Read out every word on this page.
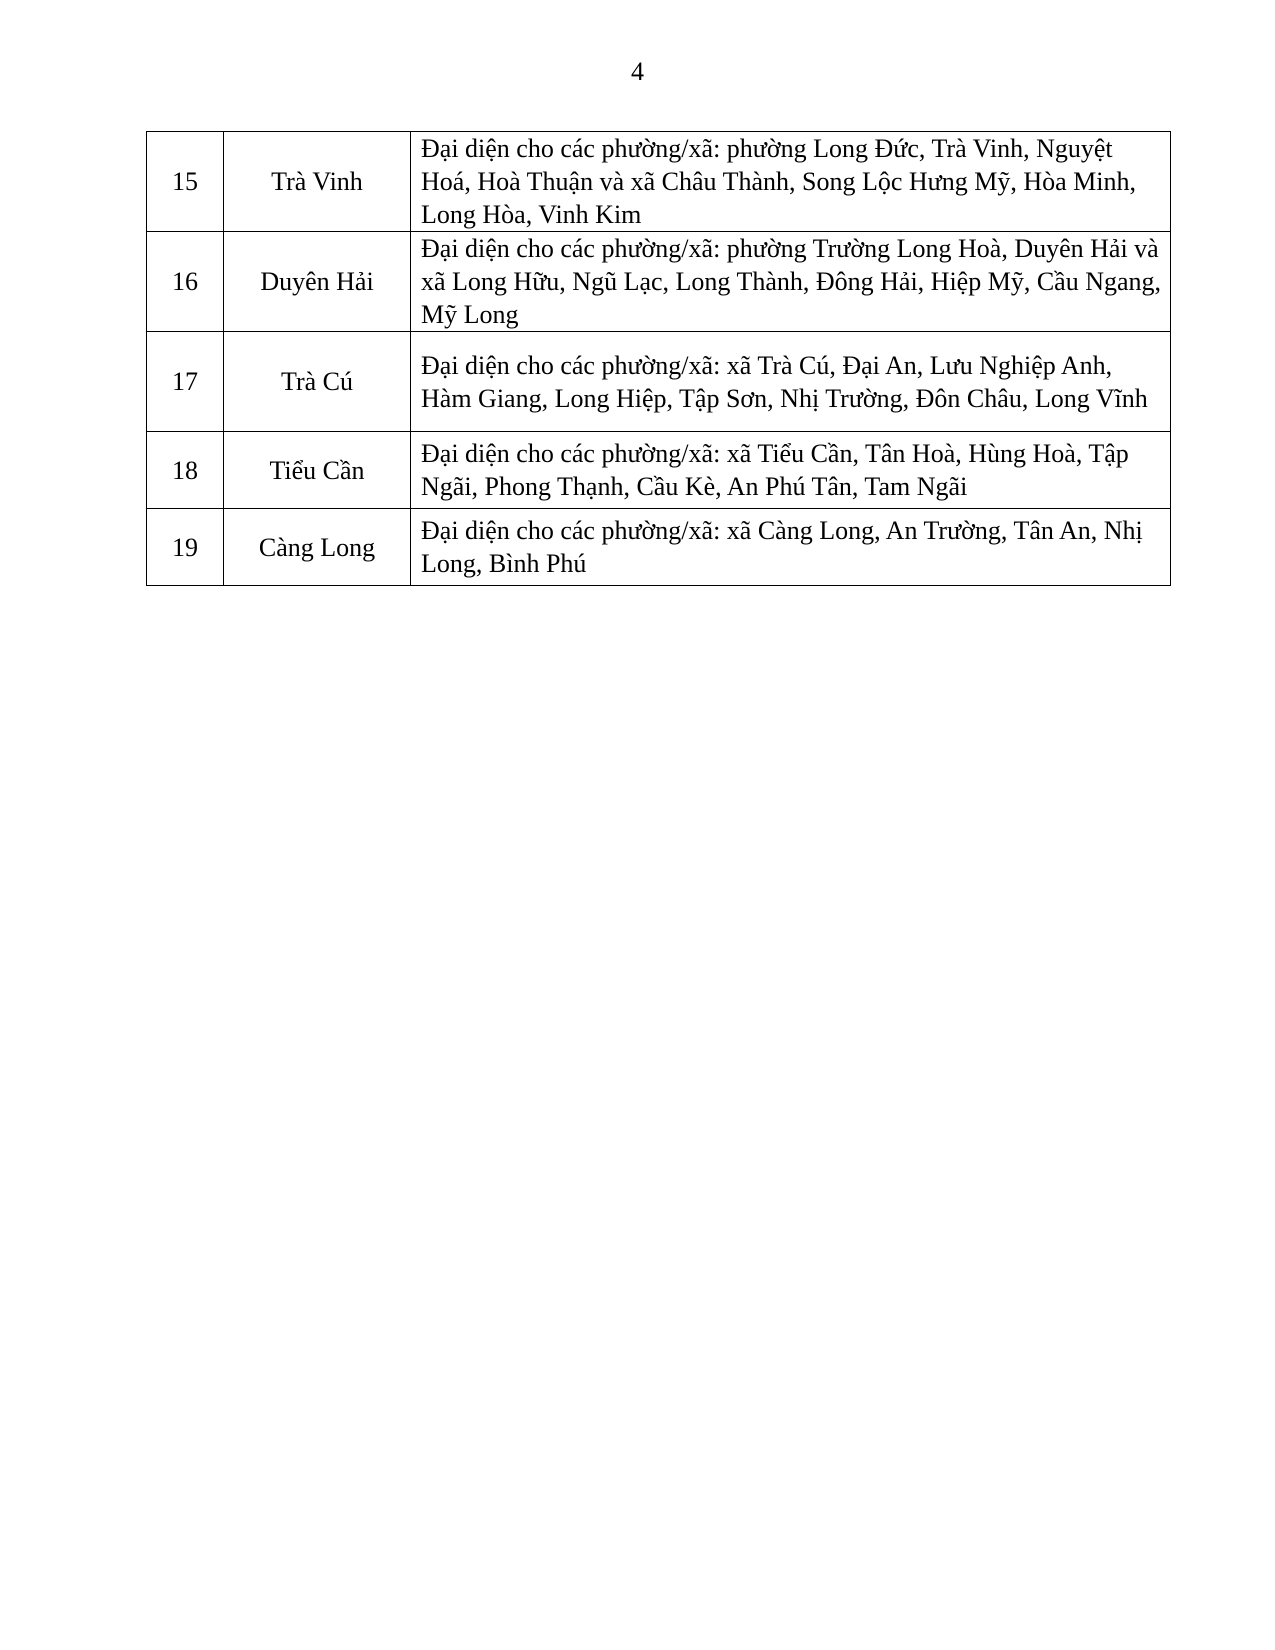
4
15	Trà Vinh	Đại diện cho các phường/xã: phường Long Đức, Trà Vinh, Nguyệt Hoá, Hoà Thuận và xã Châu Thành, Song Lộc Hưng Mỹ, Hòa Minh, Long Hòa, Vinh Kim
16	Duyên Hải	Đại diện cho các phường/xã: phường Trường Long Hoà, Duyên Hải và xã Long Hữu, Ngũ Lạc, Long Thành, Đông Hải, Hiệp Mỹ, Cầu Ngang, Mỹ Long
17	Trà Cú	Đại diện cho các phường/xã: xã Trà Cú, Đại An, Lưu Nghiệp Anh, Hàm Giang, Long Hiệp, Tập Sơn, Nhị Trường, Đôn Châu, Long Vĩnh
18	Tiểu Cần	Đại diện cho các phường/xã: xã Tiểu Cần, Tân Hoà, Hùng Hoà, Tập Ngãi, Phong Thạnh, Cầu Kè, An Phú Tân, Tam Ngãi
19	Càng Long	Đại diện cho các phường/xã: xã Càng Long, An Trường, Tân An, Nhị Long, Bình Phú
